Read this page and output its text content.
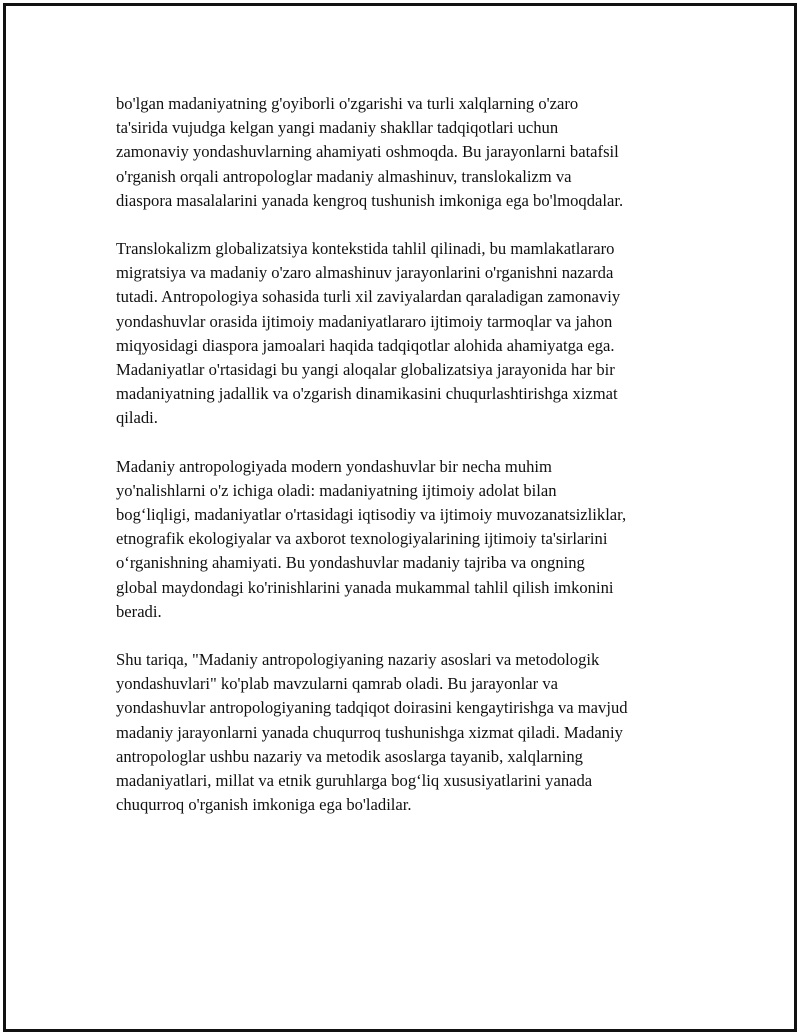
bo'lgan madaniyatning g'oyiborli o'zgarishi va turli xalqlarning o'zaro
ta'sirida vujudga kelgan yangi madaniy shakllar tadqiqotlari uchun
zamonaviy yondashuvlarning ahamiyati oshmoqda. Bu jarayonlarni batafsil
o'rganish orqali antropologlar madaniy almashinuv, translokalizm va
diaspora masalalarini yanada kengroq tushunish imkoniga ega bo'lmoqdalar.

Translokalizm globalizatsiya kontekstida tahlil qilinadi, bu mamlakatlararo
migratsiya va madaniy o'zaro almashinuv jarayonlarini o'rganishni nazarda
tutadi. Antropologiya sohasida turli xil zaviyalardan qaraladigan zamonaviy
yondashuvlar orasida ijtimoiy madaniyatlararo ijtimoiy tarmoqlar va jahon
miqyosidagi diaspora jamoalari haqida tadqiqotlar alohida ahamiyatga ega.
Madaniyatlar o'rtasidagi bu yangi aloqalar globalizatsiya jarayonida har bir
madaniyatning jadallik va o'zgarish dinamikasini chuqurlashtirishga xizmat
qiladi.

Madaniy antropologiyada modern yondashuvlar bir necha muhim
yo'nalishlarni o'z ichiga oladi: madaniyatning ijtimoiy adolat bilan
bog‘liqligi, madaniyatlar o'rtasidagi iqtisodiy va ijtimoiy muvozanatsizliklar,
etnografik ekologiyalar va axborot texnologiyalarining ijtimoiy ta'sirlarini
o‘rganishning ahamiyati. Bu yondashuvlar madaniy tajriba va ongning
global maydondagi ko'rinishlarini yanada mukammal tahlil qilish imkonini
beradi.

Shu tariqa, "Madaniy antropologiyaning nazariy asoslari va metodologik
yondashuvlari" ko'plab mavzularni qamrab oladi. Bu jarayonlar va
yondashuvlar antropologiyaning tadqiqot doirasini kengaytirishga va mavjud
madaniy jarayonlarni yanada chuqurroq tushunishga xizmat qiladi. Madaniy
antropologlar ushbu nazariy va metodik asoslarga tayanib, xalqlarning
madaniyatlari, millat va etnik guruhlarga bog‘liq xususiyatlarini yanada
chuqurroq o'rganish imkoniga ega bo'ladilar.
